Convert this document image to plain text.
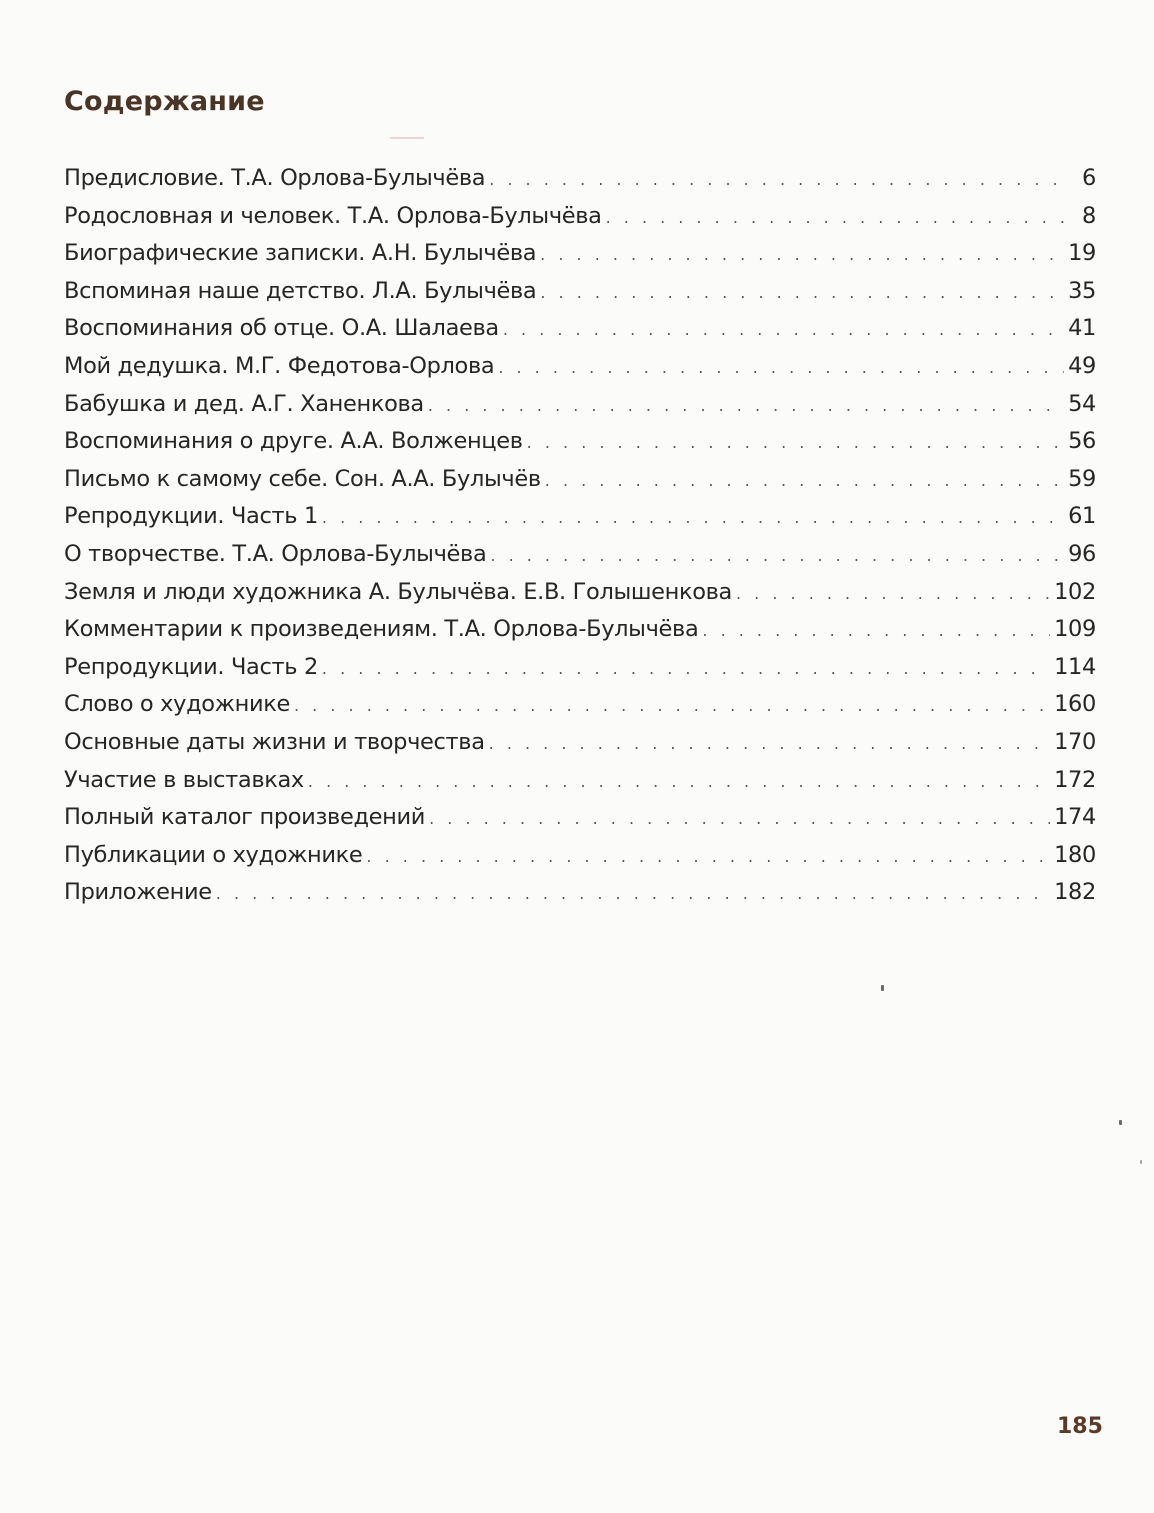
Содержание
Предисловие. Т.А. Орлова-Булычёва . . .	6
Родословная и человек. Т.А. Орлова-Булычёва . . .	8
Биографические записки. А.Н. Булычёва . . .	19
Вспоминая наше детство. Л.А. Булычёва . . .	35
Воспоминания об отце. О.А. Шалаева . . .	41
Мой дедушка. М.Г. Федотова-Орлова . . .	49
Бабушка и дед. А.Г. Ханенкова . . .	54
Воспоминания о друге. А.А. Волженцев . . .	56
Письмо к самому себе. Сон. А.А. Булычёв . . .	59
Репродукции. Часть 1 . . .	61
О творчестве. Т.А. Орлова-Булычёва . . .	96
Земля и люди художника А. Булычёва. Е.В. Голышенкова . . .	102
Комментарии к произведениям. Т.А. Орлова-Булычёва . . .	109
Репродукции. Часть 2 . . .	114
Слово о художнике . . .	160
Основные даты жизни и творчества . . .	170
Участие в выставках . . .	172
Полный каталог произведений . . .	174
Публикации о художнике . . .	180
Приложение . . .	182
185
